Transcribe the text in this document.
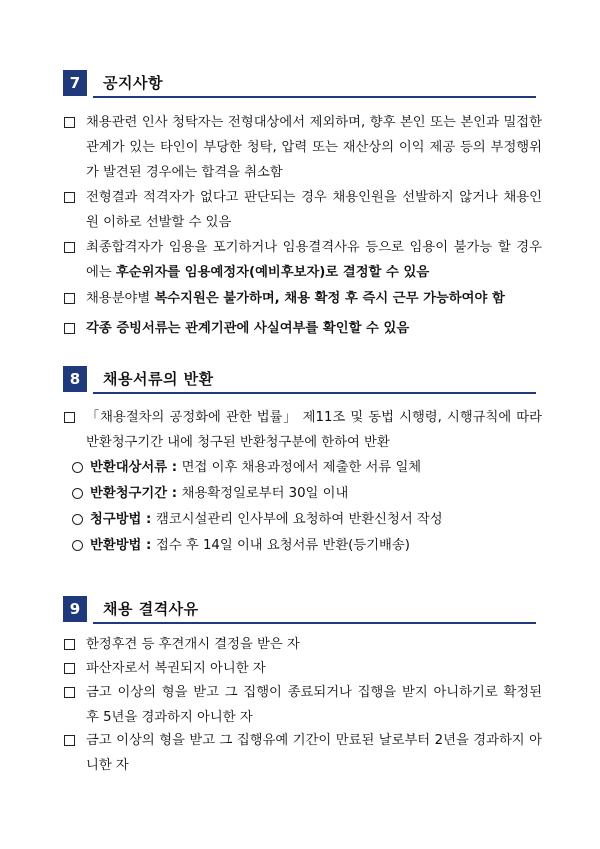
7	공지사항
채용관련 인사 청탁자는 전형대상에서 제외하며, 향후 본인 또는 본인과 밀접한 관계가 있는 타인이 부당한 청탁, 압력 또는 재산상의 이익 제공 등의 부정행위가 발견된 경우에는 합격을 취소함
전형결과 적격자가 없다고 판단되는 경우 채용인원을 선발하지 않거나 채용인원 이하로 선발할 수 있음
최종합격자가 임용을 포기하거나 임용결격사유 등으로 임용이 불가능 할 경우에는 후순위자를 임용예정자(예비후보자)로 결정할 수 있음
채용분야별 복수지원은 불가하며, 채용 확정 후 즉시 근무 가능하여야 함
각종 증빙서류는 관계기관에 사실여부를 확인할 수 있음
8	채용서류의 반환
「채용절차의 공정화에 관한 법률」 제11조 및 동법 시행령, 시행규칙에 따라 반환청구기간 내에 청구된 반환청구분에 한하여 반환
반환대상서류 : 면접 이후 채용과정에서 제출한 서류 일체
반환청구기간 : 채용확정일로부터 30일 이내
청구방법 : 캠코시설관리 인사부에 요청하여 반환신청서 작성
반환방법 : 접수 후 14일 이내 요청서류 반환(등기배송)
9	채용 결격사유
한정후견 등 후견개시 결정을 받은 자
파산자로서 복권되지 아니한 자
금고 이상의 형을 받고 그 집행이 종료되거나 집행을 받지 아니하기로 확정된 후 5년을 경과하지 아니한 자
금고 이상의 형을 받고 그 집행유예 기간이 만료된 날로부터 2년을 경과하지 아니한 자
